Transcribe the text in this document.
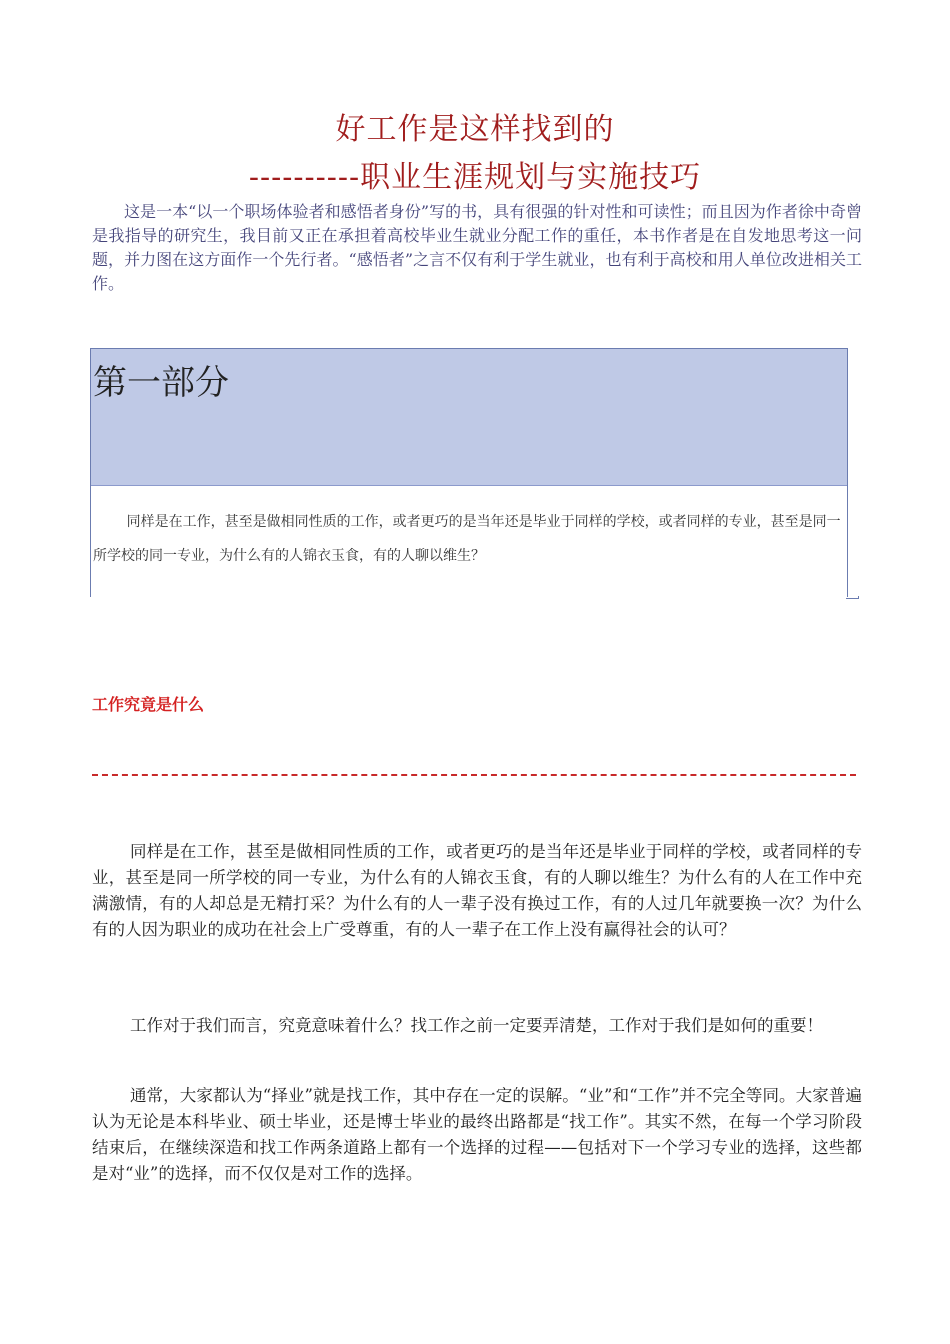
好工作是这样找到的
----------职业生涯规划与实施技巧
这是一本“以一个职场体验者和感悟者身份”写的书，具有很强的针对性和可读性；而且因为作者徐中奇曾是我指导的研究生，我目前又正在承担着高校毕业生就业分配工作的重任，本书作者是在自发地思考这一问题，并力图在这方面作一个先行者。“感悟者”之言不仅有利于学生就业，也有利于高校和用人单位改进相关工作。
第一部分
同样是在工作，甚至是做相同性质的工作，或者更巧的是当年还是毕业于同样的学校，或者同样的专业，甚至是同一所学校的同一专业，为什么有的人锦衣玉食，有的人聊以维生？
工作究竟是什么
同样是在工作，甚至是做相同性质的工作，或者更巧的是当年还是毕业于同样的学校，或者同样的专业，甚至是同一所学校的同一专业，为什么有的人锦衣玉食，有的人聊以维生？为什么有的人在工作中充满激情，有的人却总是无精打采？为什么有的人一辈子没有换过工作，有的人过几年就要换一次？为什么有的人因为职业的成功在社会上广受尊重，有的人一辈子在工作上没有赢得社会的认可？
工作对于我们而言，究竟意味着什么？找工作之前一定要弄清楚，工作对于我们是如何的重要！
通常，大家都认为“择业”就是找工作，其中存在一定的误解。“业”和“工作”并不完全等同。大家普遍认为无论是本科毕业、硕士毕业，还是博士毕业的最终出路都是“找工作”。其实不然，在每一个学习阶段结束后，在继续深造和找工作两条道路上都有一个选择的过程——包括对下一个学习专业的选择，这些都是对“业”的选择，而不仅仅是对工作的选择。
